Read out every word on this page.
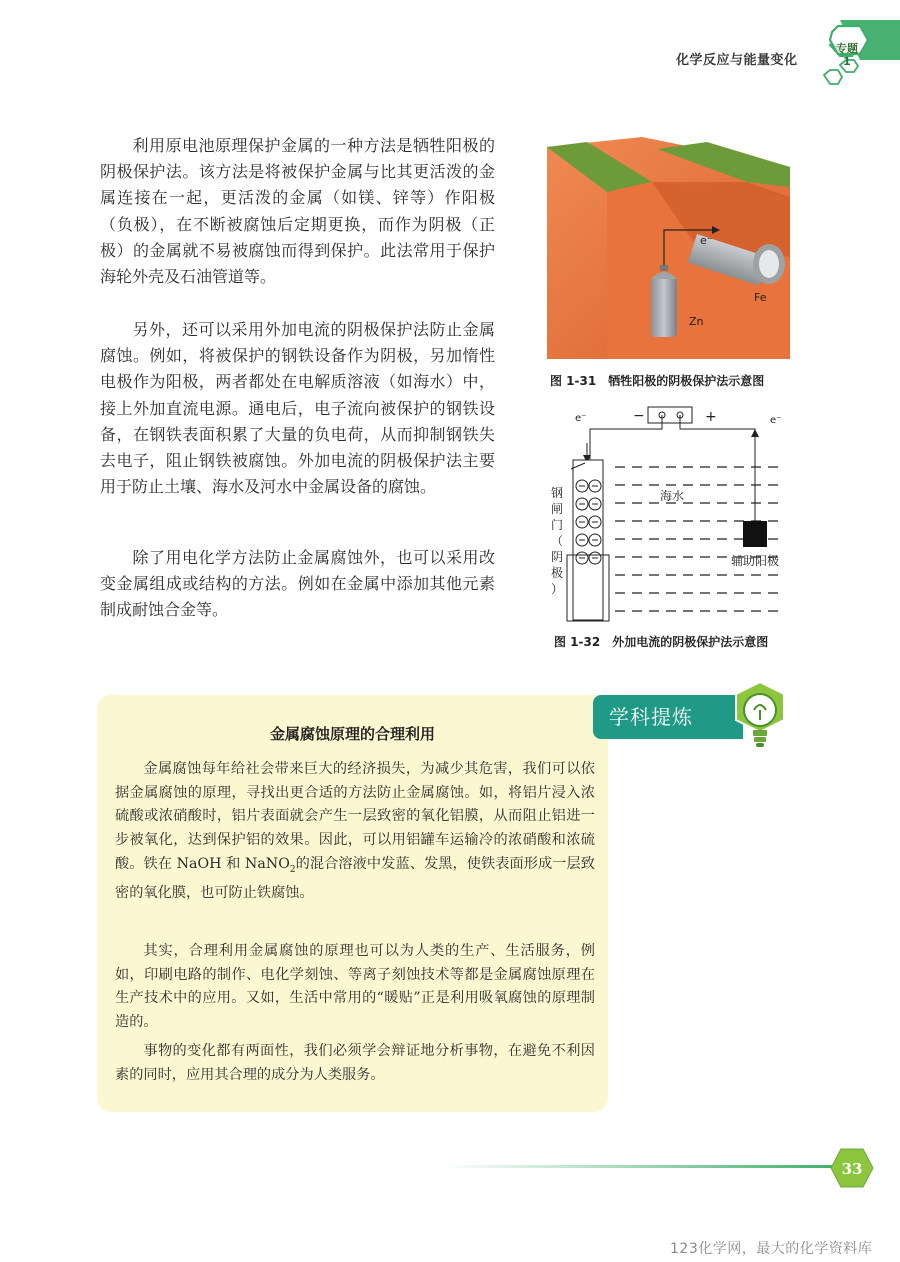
化学反应与能量变化
专题
1

利用原电池原理保护金属的一种方法是牺牲阳极的阴极保护法。该方法是将被保护金属与比其更活泼的金属连接在一起，更活泼的金属（如镁、锌等）作阳极（负极），在不断被腐蚀后定期更换，而作为阴极（正极）的金属就不易被腐蚀而得到保护。此法常用于保护海轮外壳及石油管道等。

另外，还可以采用外加电流的阴极保护法防止金属腐蚀。例如，将被保护的钢铁设备作为阴极，另加惰性电极作为阳极，两者都处在电解质溶液（如海水）中，接上外加直流电源。通电后，电子流向被保护的钢铁设备，在钢铁表面积累了大量的负电荷，从而抑制钢铁失去电子，阻止钢铁被腐蚀。外加电流的阴极保护法主要用于防止土壤、海水及河水中金属设备的腐蚀。

除了用电化学方法防止金属腐蚀外，也可以采用改变金属组成或结构的方法。例如在金属中添加其他元素制成耐蚀合金等。

e⁻
Fe
Zn
图 1-31　牺牲阳极的阴极保护法示意图
−	+
e⁻	e⁻
钢
闸
门
（
阴
极
）
海水
辅助阳极
图 1-32　外加电流的阴极保护法示意图
金属腐蚀原理的合理利用

金属腐蚀每年给社会带来巨大的经济损失，为减少其危害，我们可以依据金属腐蚀的原理，寻找出更合适的方法防止金属腐蚀。如，将铝片浸入浓硫酸或浓硝酸时，铝片表面就会产生一层致密的氧化铝膜，从而阻止铝进一步被氧化，达到保护铝的效果。因此，可以用铝罐车运输冷的浓硝酸和浓硫酸。铁在 NaOH 和 NaNO$_2$的混合溶液中发蓝、发黑，使铁表面形成一层致密的氧化膜，也可防止铁腐蚀。

其实，合理利用金属腐蚀的原理也可以为人类的生产、生活服务，例如，印刷电路的制作、电化学刻蚀、等离子刻蚀技术等都是金属腐蚀原理在生产技术中的应用。又如，生活中常用的“暖贴”正是利用吸氧腐蚀的原理制造的。

事物的变化都有两面性，我们必须学会辩证地分析事物，在避免不利因素的同时，应用其合理的成分为人类服务。

学科提炼
33
123化学网，最大的化学资料库
